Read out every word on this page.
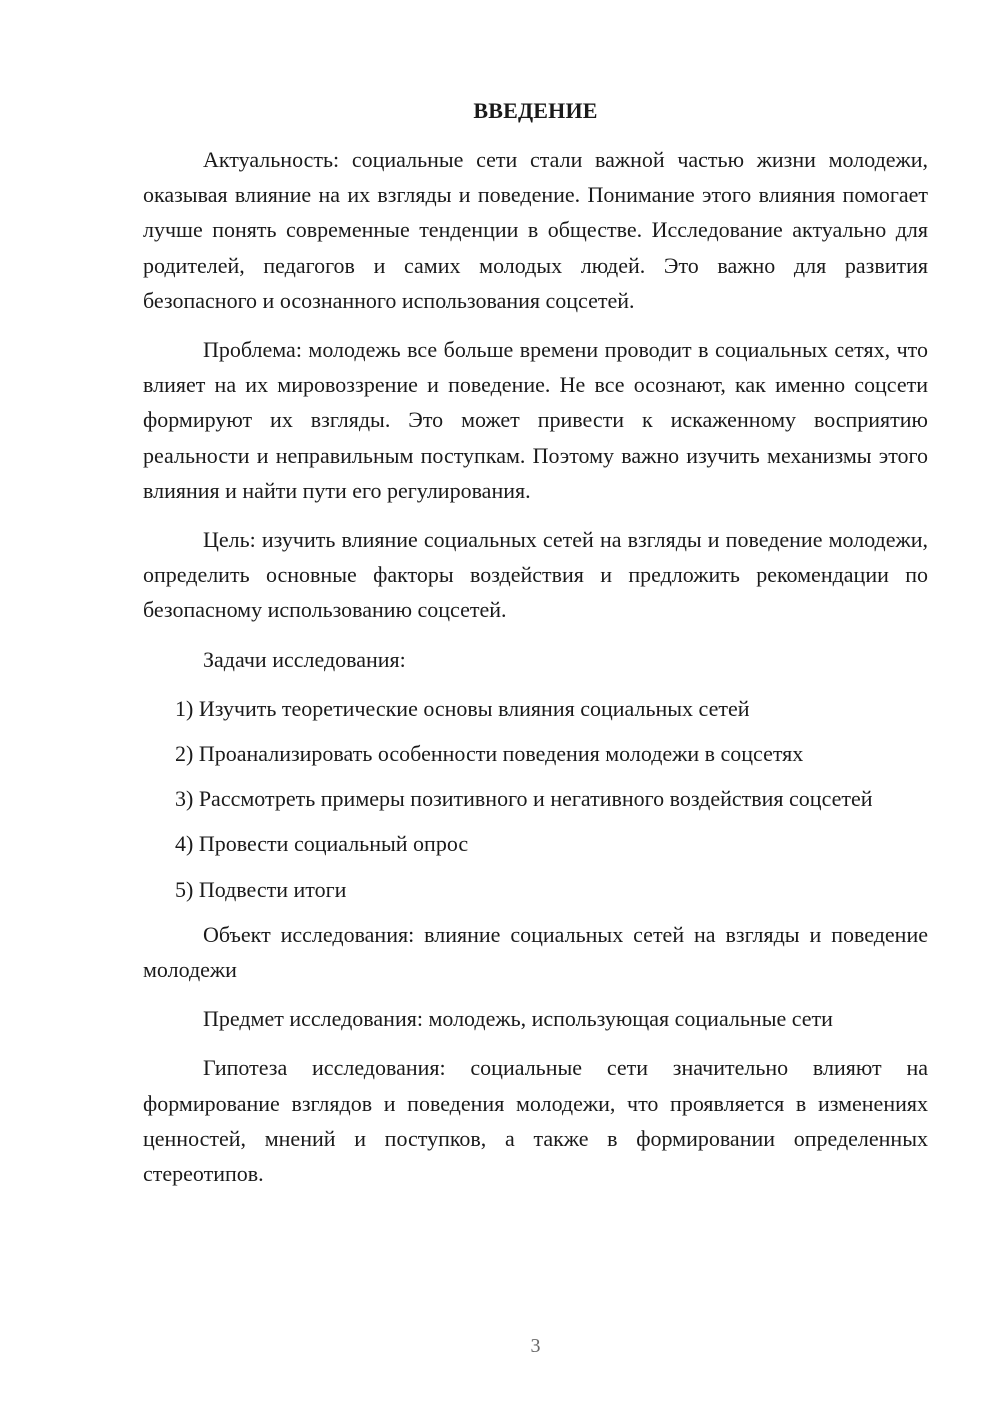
ВВЕДЕНИЕ

Актуальность: социальные сети стали важной частью жизни молодежи, оказывая влияние на их взгляды и поведение. Понимание этого влияния помогает лучше понять современные тенденции в обществе. Исследование актуально для родителей, педагогов и самих молодых людей. Это важно для развития безопасного и осознанного использования соцсетей.

Проблема: молодежь все больше времени проводит в социальных сетях, что влияет на их мировоззрение и поведение. Не все осознают, как именно соцсети формируют их взгляды. Это может привести к искаженному восприятию реальности и неправильным поступкам. Поэтому важно изучить механизмы этого влияния и найти пути его регулирования.

Цель: изучить влияние социальных сетей на взгляды и поведение молодежи, определить основные факторы воздействия и предложить рекомендации по безопасному использованию соцсетей.

Задачи исследования:

1) Изучить теоретические основы влияния социальных сетей

2) Проанализировать особенности поведения молодежи в соцсетях

3) Рассмотреть примеры позитивного и негативного воздействия соцсетей

4) Провести социальный опрос

5) Подвести итоги

Объект исследования: влияние социальных сетей на взгляды и поведение молодежи

Предмет исследования: молодежь, использующая социальные сети

Гипотеза исследования: социальные сети значительно влияют на формирование взглядов и поведения молодежи, что проявляется в изменениях ценностей, мнений и поступков, а также в формировании определенных стереотипов.

3
